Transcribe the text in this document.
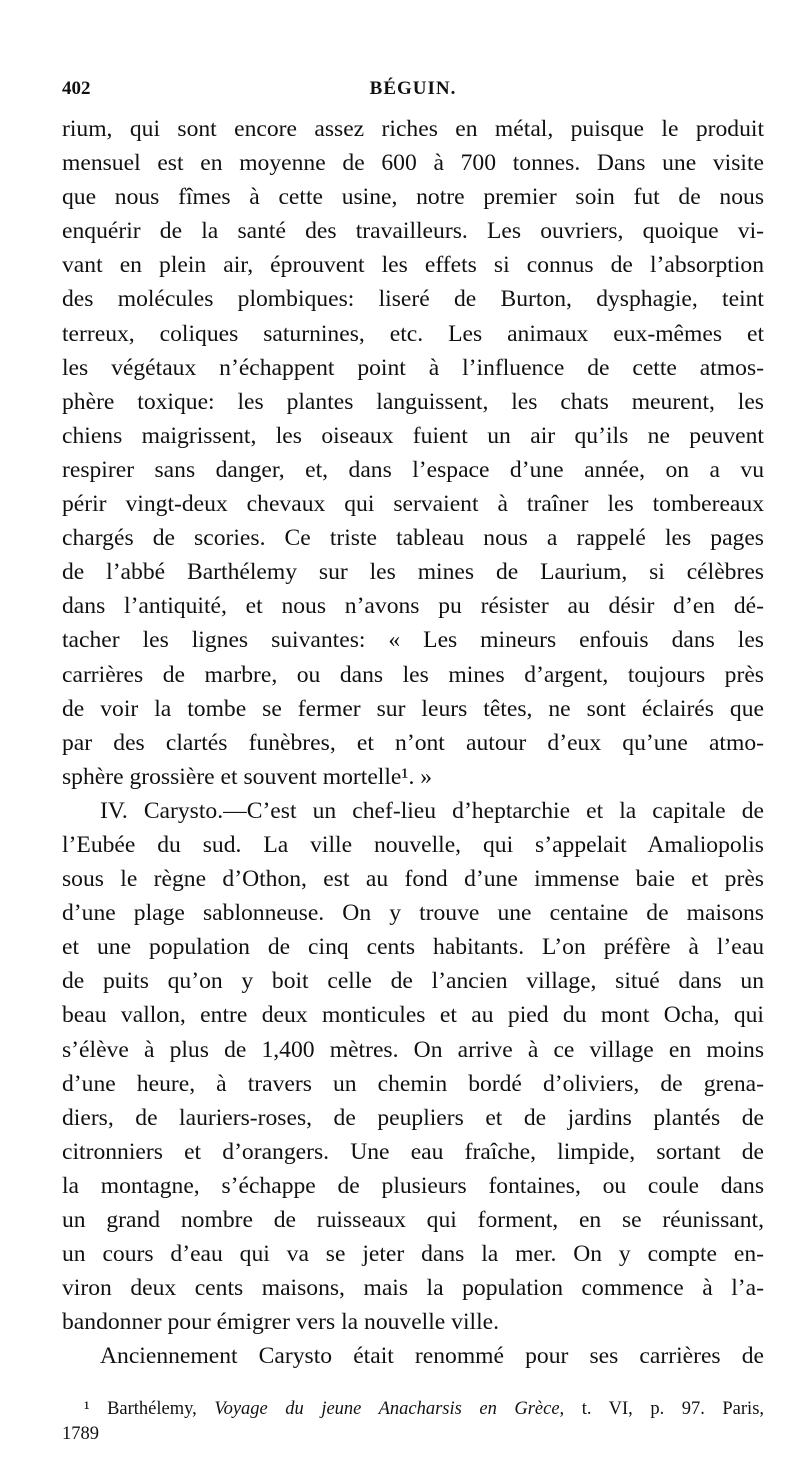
402	BÉGUIN.
rium, qui sont encore assez riches en métal, puisque le produit
mensuel est en moyenne de 600 à 700 tonnes. Dans une visite
que nous fîmes à cette usine, notre premier soin fut de nous
enquérir de la santé des travailleurs. Les ouvriers, quoique vi-
vant en plein air, éprouvent les effets si connus de l’absorption
des molécules plombiques: liseré de Burton, dysphagie, teint
terreux, coliques saturnines, etc. Les animaux eux-mêmes et
les végétaux n’échappent point à l’influence de cette atmos-
phère toxique: les plantes languissent, les chats meurent, les
chiens maigrissent, les oiseaux fuient un air qu’ils ne peuvent
respirer sans danger, et, dans l’espace d’une année, on a vu
périr vingt-deux chevaux qui servaient à traîner les tombereaux
chargés de scories. Ce triste tableau nous a rappelé les pages
de l’abbé Barthélemy sur les mines de Laurium, si célèbres
dans l’antiquité, et nous n’avons pu résister au désir d’en dé-
tacher les lignes suivantes: « Les mineurs enfouis dans les
carrières de marbre, ou dans les mines d’argent, toujours près
de voir la tombe se fermer sur leurs têtes, ne sont éclairés que
par des clartés funèbres, et n’ont autour d’eux qu’une atmo-
sphère grossière et souvent mortelle¹. »
IV. Carysto.—C’est un chef-lieu d’heptarchie et la capitale de
l’Eubée du sud. La ville nouvelle, qui s’appelait Amaliopolis
sous le règne d’Othon, est au fond d’une immense baie et près
d’une plage sablonneuse. On y trouve une centaine de maisons
et une population de cinq cents habitants. L’on préfère à l’eau
de puits qu’on y boit celle de l’ancien village, situé dans un
beau vallon, entre deux monticules et au pied du mont Ocha, qui
s’élève à plus de 1,400 mètres. On arrive à ce village en moins
d’une heure, à travers un chemin bordé d’oliviers, de grena-
diers, de lauriers-roses, de peupliers et de jardins plantés de
citronniers et d’orangers. Une eau fraîche, limpide, sortant de
la montagne, s’échappe de plusieurs fontaines, ou coule dans
un grand nombre de ruisseaux qui forment, en se réunissant,
un cours d’eau qui va se jeter dans la mer. On y compte en-
viron deux cents maisons, mais la population commence à l’a-
bandonner pour émigrer vers la nouvelle ville.
Anciennement Carysto était renommé pour ses carrières de
¹ Barthélemy, Voyage du jeune Anacharsis en Grèce, t. VI, p. 97. Paris,
1789
